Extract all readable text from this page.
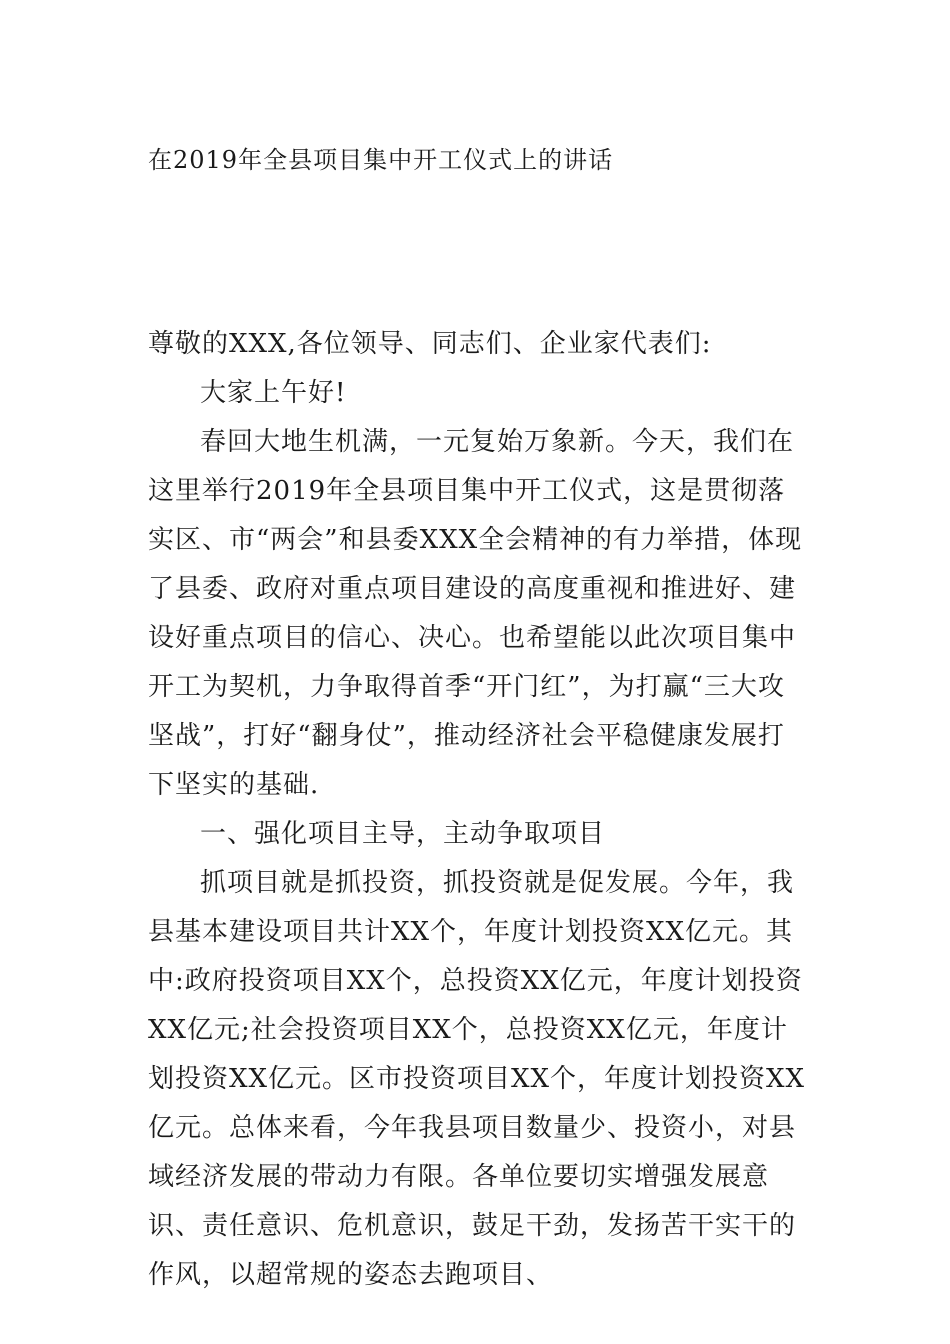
在2019年全县项目集中开工仪式上的讲话

尊敬的XXX,各位领导、同志们、企业家代表们:

大家上午好!

春回大地生机满，一元复始万象新。今天，我们在这里举行2019年全县项目集中开工仪式，这是贯彻落实区、市“两会”和县委XXX全会精神的有力举措，体现了县委、政府对重点项目建设的高度重视和推进好、建设好重点项目的信心、决心。也希望能以此次项目集中开工为契机，力争取得首季“开门红”，为打赢“三大攻坚战”，打好“翻身仗”，推动经济社会平稳健康发展打下坚实的基础.

一、强化项目主导，主动争取项目

抓项目就是抓投资，抓投资就是促发展。今年，我县基本建设项目共计XX个，年度计划投资XX亿元。其中:政府投资项目XX个，总投资XX亿元，年度计划投资XX亿元;社会投资项目XX个，总投资XX亿元，年度计划投资XX亿元。区市投资项目XX个，年度计划投资XX亿元。总体来看，今年我县项目数量少、投资小，对县域经济发展的带动力有限。各单位要切实增强发展意识、责任意识、危机意识，鼓足干劲，发扬苦干实干的作风，以超常规的姿态去跑项目、
